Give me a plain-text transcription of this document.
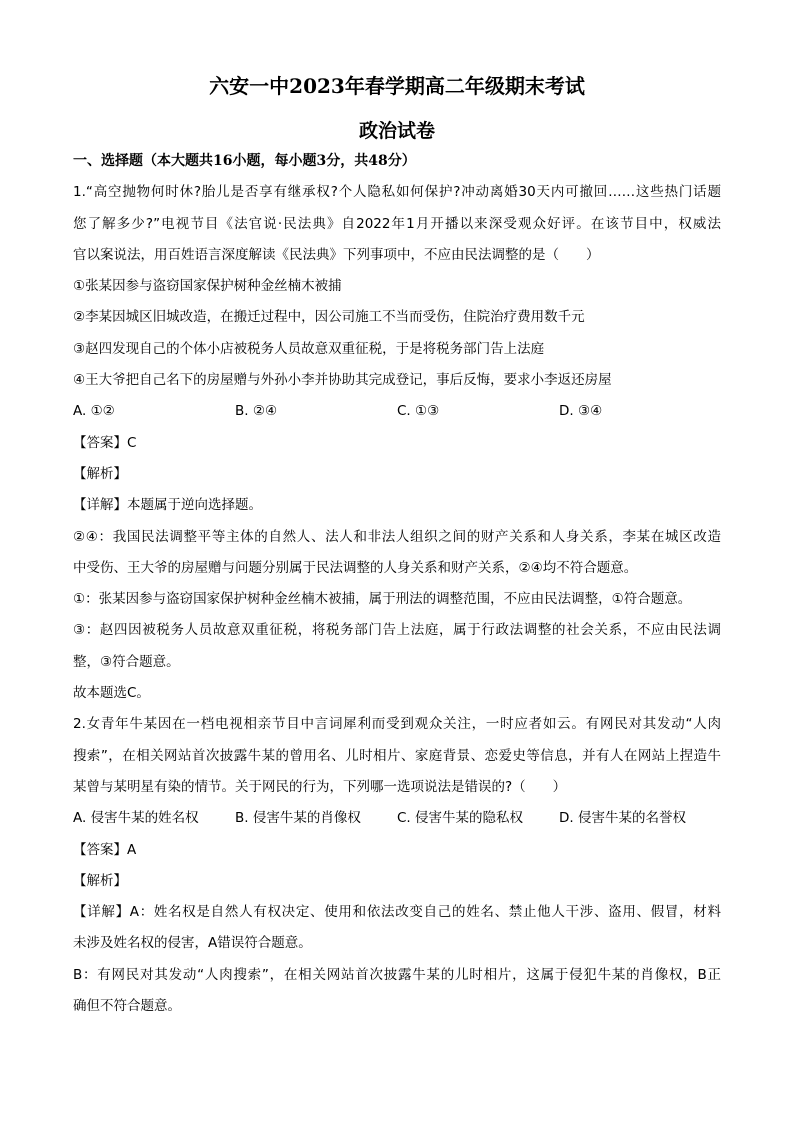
六安一中2023年春学期高二年级期末考试
政治试卷
一、选择题（本大题共16小题，每小题3分，共48分）
1.“高空抛物何时休?胎儿是否享有继承权?个人隐私如何保护?冲动离婚30天内可撤回……这些热门话题
您了解多少?”电视节目《法官说·民法典》自2022年1月开播以来深受观众好评。在该节目中，权威法
官以案说法，用百姓语言深度解读《民法典》下列事项中，不应由民法调整的是（　　）
①张某因参与盗窃国家保护树种金丝楠木被捕
②李某因城区旧城改造，在搬迁过程中，因公司施工不当而受伤，住院治疗费用数千元
③赵四发现自己的个体小店被税务人员故意双重征税，于是将税务部门告上法庭
④王大爷把自己名下的房屋赠与外孙小李并协助其完成登记，事后反悔，要求小李返还房屋
A. ①②	B. ②④	C. ①③	D. ③④
【答案】C
【解析】
【详解】本题属于逆向选择题。
②④：我国民法调整平等主体的自然人、法人和非法人组织之间的财产关系和人身关系，李某在城区改造
中受伤、王大爷的房屋赠与问题分别属于民法调整的人身关系和财产关系，②④均不符合题意。
①：张某因参与盗窃国家保护树种金丝楠木被捕，属于刑法的调整范围，不应由民法调整，①符合题意。
③：赵四因被税务人员故意双重征税，将税务部门告上法庭，属于行政法调整的社会关系，不应由民法调
整，③符合题意。
故本题选C。
2.女青年牛某因在一档电视相亲节目中言词犀利而受到观众关注，一时应者如云。有网民对其发动“人肉
搜索”，在相关网站首次披露牛某的曾用名、儿时相片、家庭背景、恋爱史等信息，并有人在网站上捏造牛
某曾与某明星有染的情节。关于网民的行为，下列哪一选项说法是错误的?（　　）
A. 侵害牛某的姓名权	B. 侵害牛某的肖像权	C. 侵害牛某的隐私权	D. 侵害牛某的名誉权
【答案】A
【解析】
【详解】A：姓名权是自然人有权决定、使用和依法改变自己的姓名、禁止他人干涉、盗用、假冒，材料
未涉及姓名权的侵害，A错误符合题意。
B：有网民对其发动“人肉搜索”，在相关网站首次披露牛某的儿时相片，这属于侵犯牛某的肖像权，B正
确但不符合题意。
